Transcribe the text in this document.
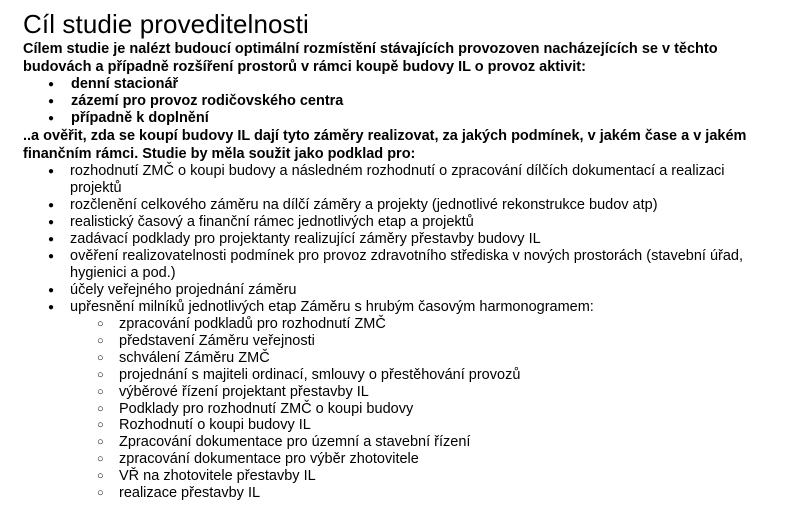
Cíl studie proveditelnosti

Cílem studie je nalézt budoucí optimální rozmístění stávajících provozoven nacházejících se v těchto budovách a případně rozšíření prostorů v rámci koupě budovy IL o provoz aktivit:

● denní stacionář
● zázemí pro provoz rodičovského centra
● případně k doplnění

..a ověřit, zda se koupí budovy IL dají tyto záměry realizovat, za jakých podmínek, v jakém čase a v jakém finančním rámci. Studie by měla soužit jako podklad pro:

● rozhodnutí ZMČ o koupi budovy a následném rozhodnutí o zpracování dílčích dokumentací a realizaci projektů
● rozčlenění celkového záměru na dílčí záměry a projekty (jednotlivé rekonstrukce budov atp)
● realistický časový a finanční rámec jednotlivých etap a projektů
● zadávací podklady pro projektanty realizující záměry přestavby budovy IL
● ověření realizovatelnosti podmínek pro provoz zdravotního střediska v nových prostorách (stavební úřad, hygienici a pod.)
● účely veřejného projednání záměru
● upřesnění milníků jednotlivých etap Záměru s hrubým časovým harmonogramem:
○ zpracování podkladů pro rozhodnutí ZMČ
○ představení Záměru veřejnosti
○ schválení Záměru ZMČ
○ projednání s majiteli ordinací, smlouvy o přestěhování provozů
○ výběrové řízení projektant přestavby IL
○ Podklady pro rozhodnutí ZMČ o koupi budovy
○ Rozhodnutí o koupi budovy IL
○ Zpracování dokumentace pro územní a stavební řízení
○ zpracování dokumentace pro výběr zhotovitele
○ VŘ na zhotovitele přestavby IL
○ realizace přestavby IL
